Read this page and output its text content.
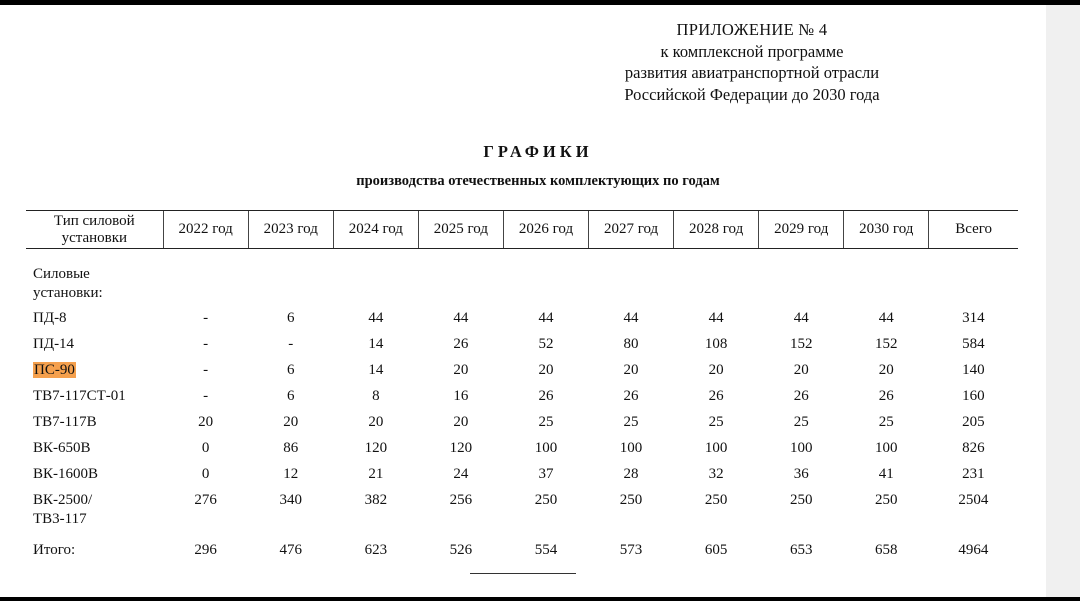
ПРИЛОЖЕНИЕ № 4
к комплексной программе
развития авиатранспортной отрасли
Российской Федерации до 2030 года
ГРАФИКИ
производства отечественных комплектующих по годам
Тип силовой установки	2022 год	2023 год	2024 год	2025 год	2026 год	2027 год	2028 год	2029 год	2030 год	Всего

Силовые установки:										
ПД-8	-	6	44	44	44	44	44	44	44	314
ПД-14	-	-	14	26	52	80	108	152	152	584
ПС-90	-	6	14	20	20	20	20	20	20	140
ТВ7-117СТ-01	-	6	8	16	26	26	26	26	26	160
ТВ7-117В	20	20	20	20	25	25	25	25	25	205
ВК-650В	0	86	120	120	100	100	100	100	100	826
ВК-1600В	0	12	21	24	37	28	32	36	41	231
ВК-2500/ ТВ3-117	276	340	382	256	250	250	250	250	250	2504
Итого:	296	476	623	526	554	573	605	653	658	4964
